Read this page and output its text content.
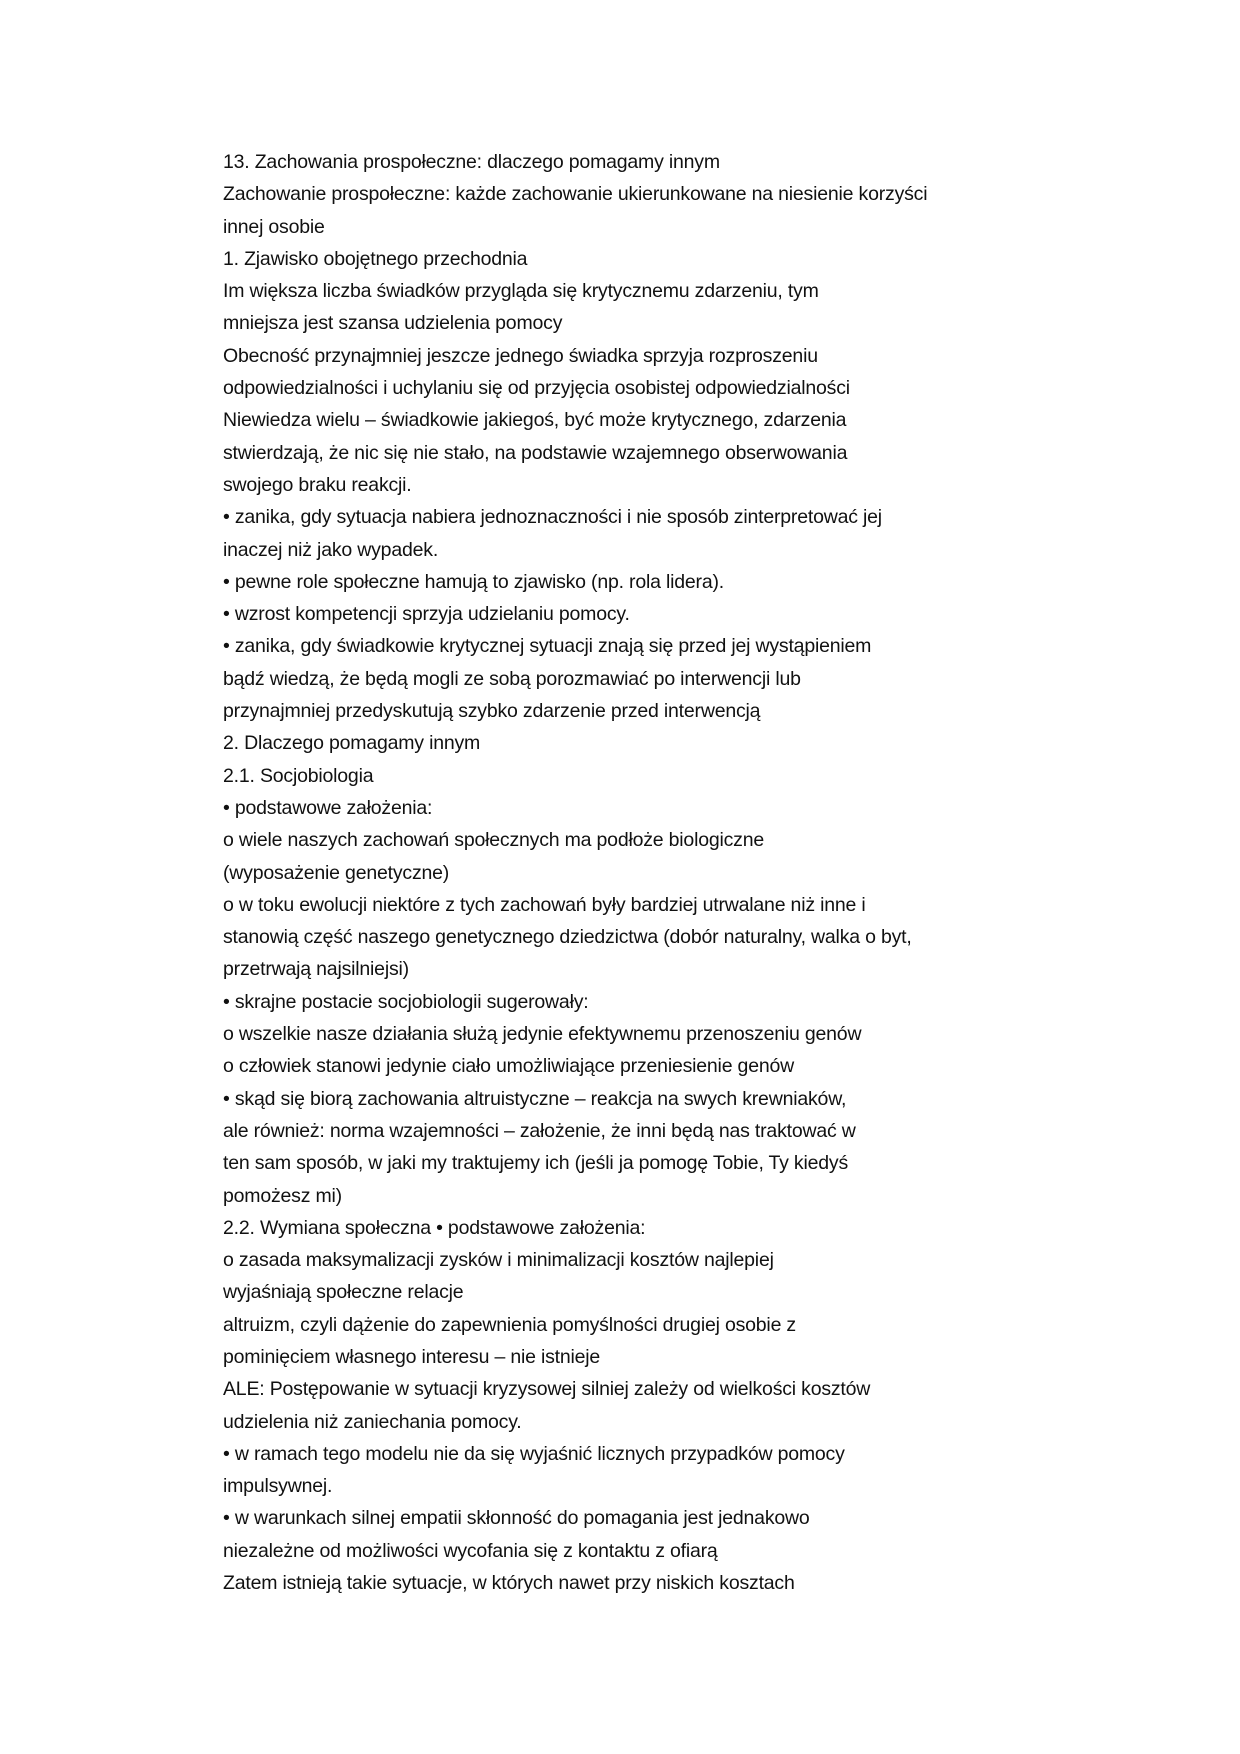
13. Zachowania prospołeczne: dlaczego pomagamy innym
Zachowanie prospołeczne: każde zachowanie ukierunkowane na niesienie korzyści
innej osobie
1. Zjawisko obojętnego przechodnia
Im większa liczba świadków przygląda się krytycznemu zdarzeniu, tym
mniejsza jest szansa udzielenia pomocy
Obecność przynajmniej jeszcze jednego świadka sprzyja rozproszeniu
odpowiedzialności i uchylaniu się od przyjęcia osobistej odpowiedzialności
Niewiedza wielu – świadkowie jakiegoś, być może krytycznego, zdarzenia
stwierdzają, że nic się nie stało, na podstawie wzajemnego obserwowania
swojego braku reakcji.
• zanika, gdy sytuacja nabiera jednoznaczności i nie sposób zinterpretować jej
inaczej niż jako wypadek.
• pewne role społeczne hamują to zjawisko (np. rola lidera).
• wzrost kompetencji sprzyja udzielaniu pomocy.
• zanika, gdy świadkowie krytycznej sytuacji znają się przed jej wystąpieniem
bądź wiedzą, że będą mogli ze sobą porozmawiać po interwencji lub
przynajmniej przedyskutują szybko zdarzenie przed interwencją
2. Dlaczego pomagamy innym
2.1. Socjobiologia
• podstawowe założenia:
o wiele naszych zachowań społecznych ma podłoże biologiczne
(wyposażenie genetyczne)
o w toku ewolucji niektóre z tych zachowań były bardziej utrwalane niż inne i
stanowią część naszego genetycznego dziedzictwa (dobór naturalny, walka o byt,
przetrwają najsilniejsi)
• skrajne postacie socjobiologii sugerowały:
o wszelkie nasze działania służą jedynie efektywnemu przenoszeniu genów
o człowiek stanowi jedynie ciało umożliwiające przeniesienie genów
• skąd się biorą zachowania altruistyczne – reakcja na swych krewniaków,
ale również: norma wzajemności – założenie, że inni będą nas traktować w
ten sam sposób, w jaki my traktujemy ich (jeśli ja pomogę Tobie, Ty kiedyś
pomożesz mi)
2.2. Wymiana społeczna • podstawowe założenia:
o zasada maksymalizacji zysków i minimalizacji kosztów najlepiej
wyjaśniają społeczne relacje
altruizm, czyli dążenie do zapewnienia pomyślności drugiej osobie z
pominięciem własnego interesu – nie istnieje
ALE: Postępowanie w sytuacji kryzysowej silniej zależy od wielkości kosztów
udzielenia niż zaniechania pomocy.
• w ramach tego modelu nie da się wyjaśnić licznych przypadków pomocy
impulsywnej.
• w warunkach silnej empatii skłonność do pomagania jest jednakowo
niezależne od możliwości wycofania się z kontaktu z ofiarą
Zatem istnieją takie sytuacje, w których nawet przy niskich kosztach
